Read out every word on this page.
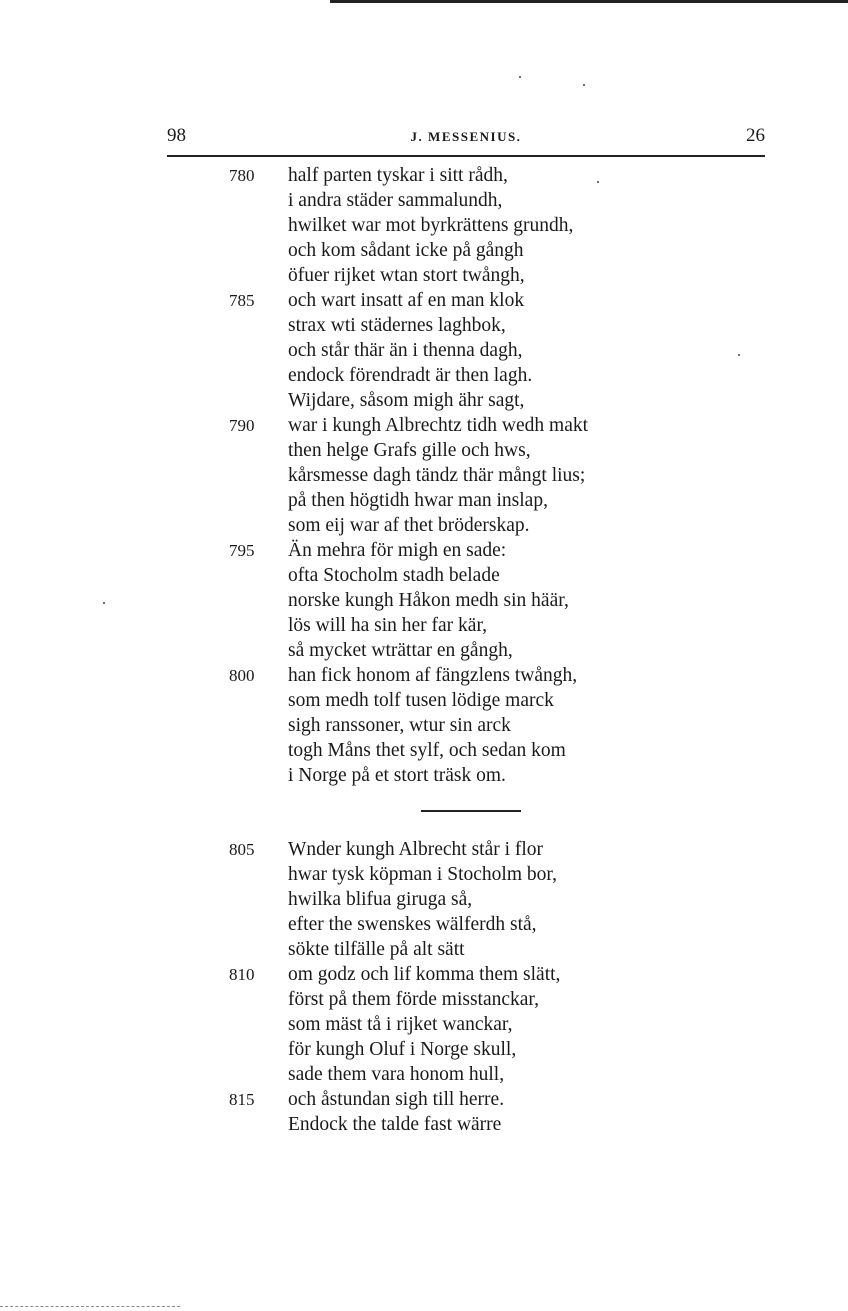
98	J. MESSENIUS.	26
780 half parten tyskar i sitt rådh,
i andra städer sammalundh,
hwilket war mot byrkrättens grundh,
och kom sådant icke på gångh
öfuer rijket wtan stort twångh,
785 och wart insatt af en man klok
strax wti städernes laghbok,
och står thär än i thenna dagh,
endock förendradt är then lagh.
Wijdare, såsom migh ähr sagt,
790 war i kungh Albrechtz tidh wedh makt
then helge Grafs gille och hws,
kårsmesse dagh tändz thär mångt lius;
på then högtidh hwar man inslap,
som eij war af thet bröderskap.
795 Än mehra för migh en sade:
ofta Stocholm stadh belade
norske kungh Håkon medh sin häär,
lös will ha sin her far kär,
så mycket wträttar en gångh,
800 han fick honom af fängzlens twångh,
som medh tolf tusen lödige marck
sigh ranssoner, wtur sin arck
togh Måns thet sylf, och sedan kom
i Norge på et stort träsk om.
805 Wnder kungh Albrecht står i flor
hwar tysk köpman i Stocholm bor,
hwilka blifua giruga så,
efter the swenskes wälferdh stå,
sökte tilfälle på alt sätt
810 om godz och lif komma them slätt,
först på them förde misstanckar,
som mäst tå i rijket wanckar,
för kungh Oluf i Norge skull,
sade them vara honom hull,
815 och åstundan sigh till herre.
Endock the talde fast wärre
